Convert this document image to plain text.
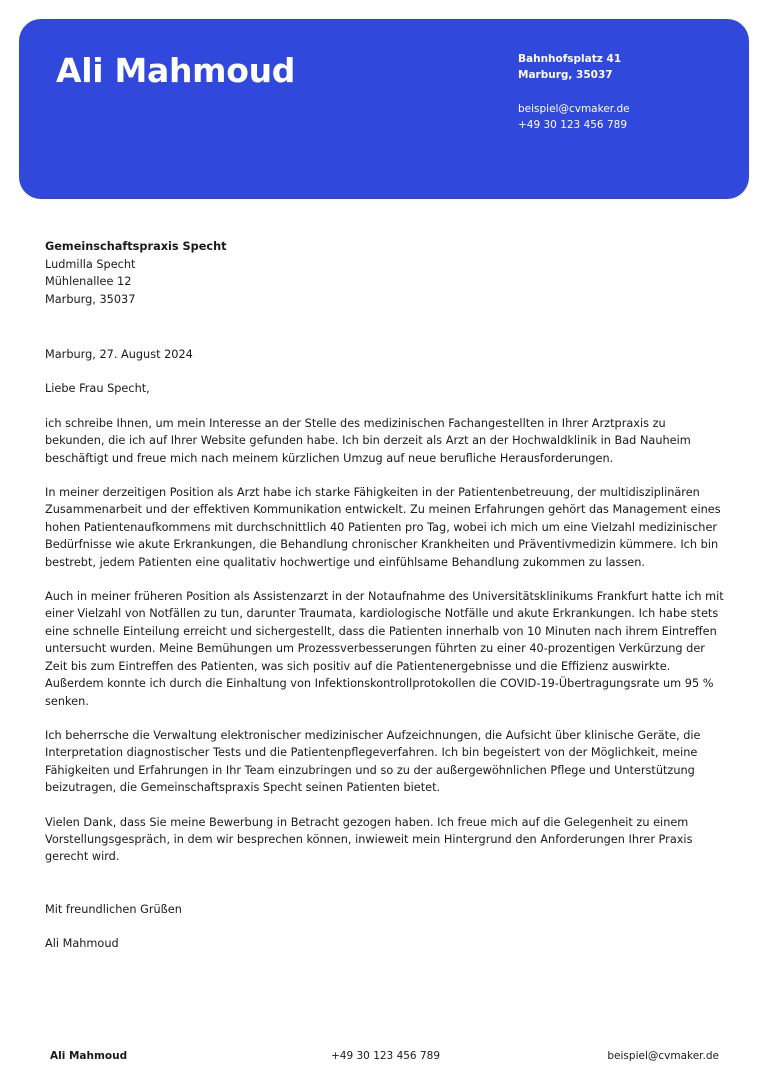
Ali Mahmoud	Bahnhofsplatz 41
Marburg, 35037
beispiel@cvmaker.de
+49 30 123 456 789
Gemeinschaftspraxis Specht
Ludmilla Specht
Mühlenallee 12
Marburg, 35037

Marburg, 27. August 2024

Liebe Frau Specht,

ich schreibe Ihnen, um mein Interesse an der Stelle des medizinischen Fachangestellten in Ihrer Arztpraxis zu bekunden, die ich auf Ihrer Website gefunden habe. Ich bin derzeit als Arzt an der Hochwaldklinik in Bad Nauheim beschäftigt und freue mich nach meinem kürzlichen Umzug auf neue berufliche Herausforderungen.

In meiner derzeitigen Position als Arzt habe ich starke Fähigkeiten in der Patientenbetreuung, der multidisziplinären Zusammenarbeit und der effektiven Kommunikation entwickelt. Zu meinen Erfahrungen gehört das Management eines hohen Patientenaufkommens mit durchschnittlich 40 Patienten pro Tag, wobei ich mich um eine Vielzahl medizinischer Bedürfnisse wie akute Erkrankungen, die Behandlung chronischer Krankheiten und Präventivmedizin kümmere. Ich bin bestrebt, jedem Patienten eine qualitativ hochwertige und einfühlsame Behandlung zukommen zu lassen.

Auch in meiner früheren Position als Assistenzarzt in der Notaufnahme des Universitätsklinikums Frankfurt hatte ich mit einer Vielzahl von Notfällen zu tun, darunter Traumata, kardiologische Notfälle und akute Erkrankungen. Ich habe stets eine schnelle Einteilung erreicht und sichergestellt, dass die Patienten innerhalb von 10 Minuten nach ihrem Eintreffen untersucht wurden. Meine Bemühungen um Prozessverbesserungen führten zu einer 40-prozentigen Verkürzung der Zeit bis zum Eintreffen des Patienten, was sich positiv auf die Patientenergebnisse und die Effizienz auswirkte. Außerdem konnte ich durch die Einhaltung von Infektionskontrollprotokollen die COVID-19-Übertragungsrate um 95 % senken.

Ich beherrsche die Verwaltung elektronischer medizinischer Aufzeichnungen, die Aufsicht über klinische Geräte, die Interpretation diagnostischer Tests und die Patientenpflegeverfahren. Ich bin begeistert von der Möglichkeit, meine Fähigkeiten und Erfahrungen in Ihr Team einzubringen und so zu der außergewöhnlichen Pflege und Unterstützung beizutragen, die Gemeinschaftspraxis Specht seinen Patienten bietet.

Vielen Dank, dass Sie meine Bewerbung in Betracht gezogen haben. Ich freue mich auf die Gelegenheit zu einem Vorstellungsgespräch, in dem wir besprechen können, inwieweit mein Hintergrund den Anforderungen Ihrer Praxis gerecht wird.

Mit freundlichen Grüßen

Ali Mahmoud

Ali Mahmoud	+49 30 123 456 789	beispiel@cvmaker.de
